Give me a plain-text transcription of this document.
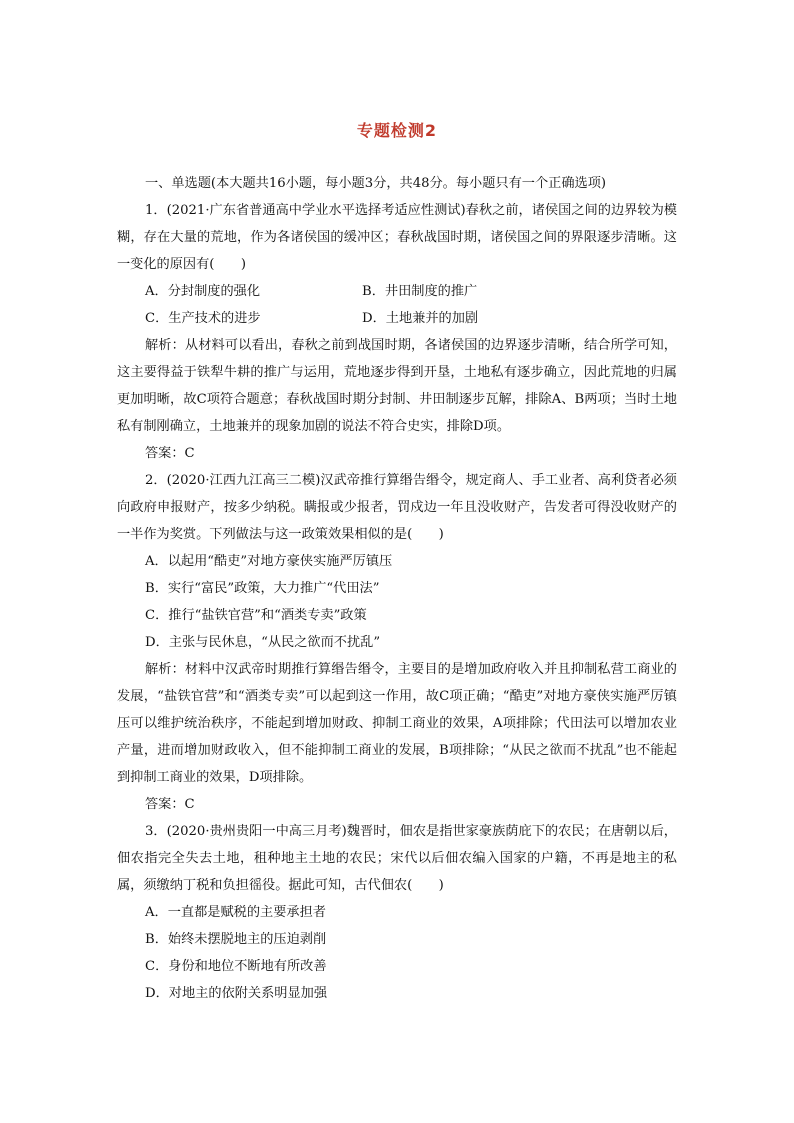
专题检测2

一、单选题(本大题共16小题，每小题3分，共48分。每小题只有一个正确选项)

1．(2021·广东省普通高中学业水平选择考适应性测试)春秋之前，诸侯国之间的边界较为模糊，存在大量的荒地，作为各诸侯国的缓冲区；春秋战国时期，诸侯国之间的界限逐步清晰。这一变化的原因有(　　)

A．分封制度的强化	B．井田制度的推广
C．生产技术的进步	D．土地兼并的加剧

解析：从材料可以看出，春秋之前到战国时期，各诸侯国的边界逐步清晰，结合所学可知，这主要得益于铁犁牛耕的推广与运用，荒地逐步得到开垦，土地私有逐步确立，因此荒地的归属更加明晰，故C项符合题意；春秋战国时期分封制、井田制逐步瓦解，排除A、B两项；当时土地私有制刚确立，土地兼并的现象加剧的说法不符合史实，排除D项。

答案：C

2．(2020·江西九江高三二模)汉武帝推行算缗告缗令，规定商人、手工业者、高利贷者必须向政府申报财产，按多少纳税。瞒报或少报者，罚戍边一年且没收财产，告发者可得没收财产的一半作为奖赏。下列做法与这一政策效果相似的是(　　)

A．以起用“酷吏”对地方豪侠实施严厉镇压

B．实行“富民”政策，大力推广“代田法”

C．推行“盐铁官营”和“酒类专卖”政策

D．主张与民休息，“从民之欲而不扰乱”

解析：材料中汉武帝时期推行算缗告缗令，主要目的是增加政府收入并且抑制私营工商业的发展，“盐铁官营”和“酒类专卖”可以起到这一作用，故C项正确；“酷吏”对地方豪侠实施严厉镇压可以维护统治秩序，不能起到增加财政、抑制工商业的效果，A项排除；代田法可以增加农业产量，进而增加财政收入，但不能抑制工商业的发展，B项排除；“从民之欲而不扰乱”也不能起到抑制工商业的效果，D项排除。

答案：C

3．(2020·贵州贵阳一中高三月考)魏晋时，佃农是指世家豪族荫庇下的农民；在唐朝以后，佃农指完全失去土地，租种地主土地的农民；宋代以后佃农编入国家的户籍，不再是地主的私属，须缴纳丁税和负担徭役。据此可知，古代佃农(　　)

A．一直都是赋税的主要承担者

B．始终未摆脱地主的压迫剥削

C．身份和地位不断地有所改善

D．对地主的依附关系明显加强
